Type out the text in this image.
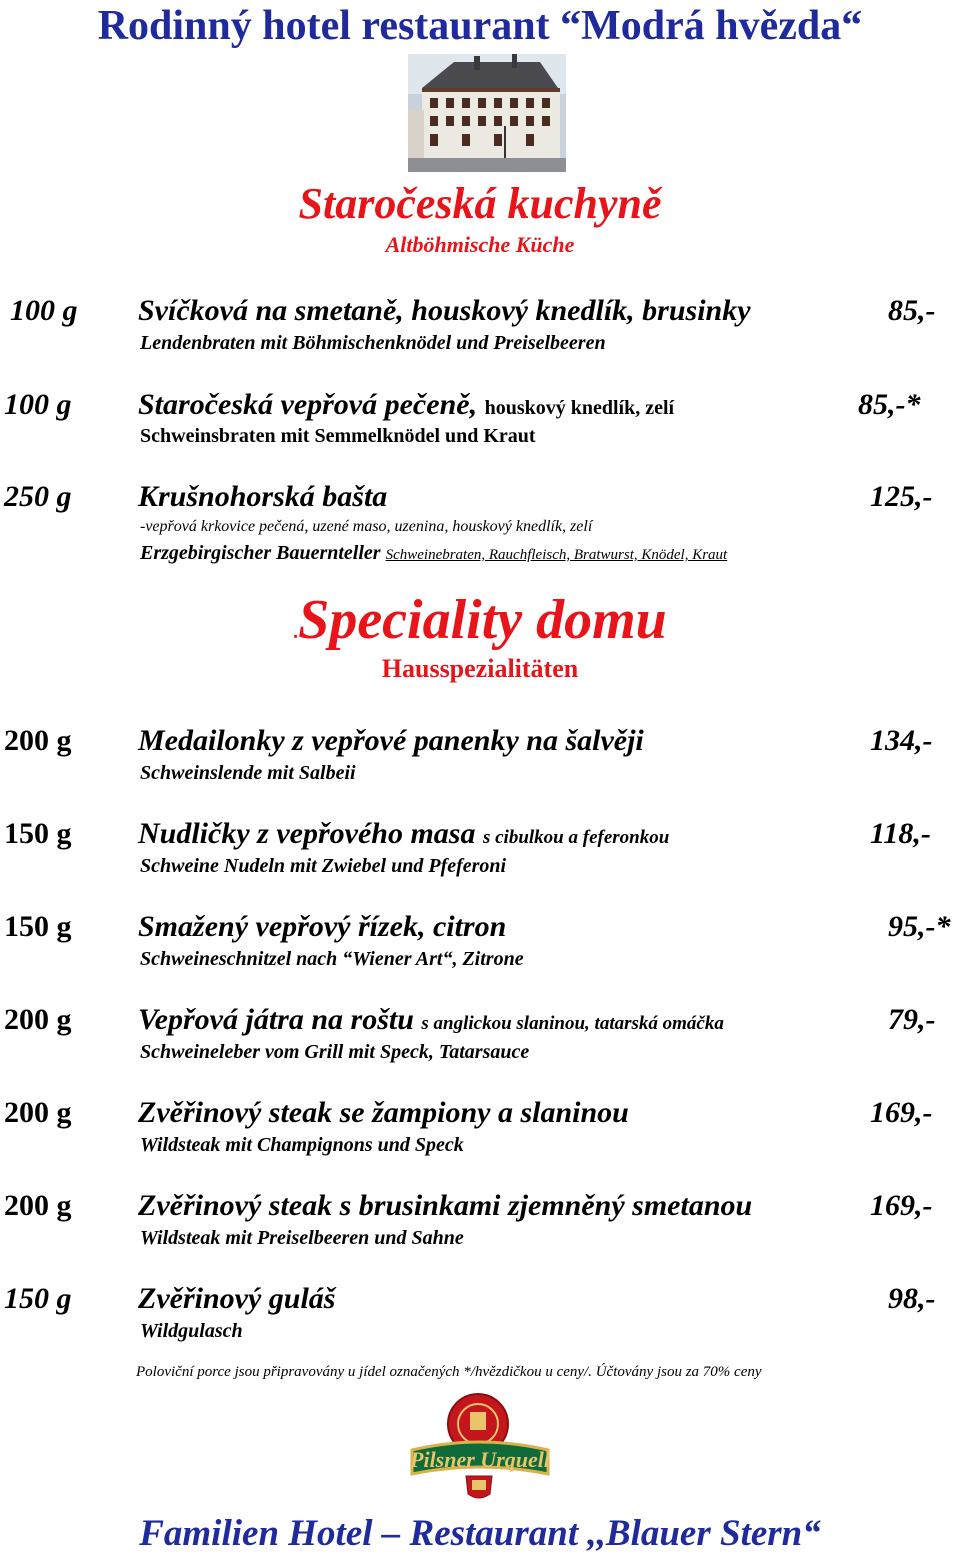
Rodinný hotel restaurant “Modrá hvězda“
Staročeská kuchyně
Altböhmische Küche
100 g Svíčková na smetaně, houskový knedlík, brusinky	85,-
Lendenbraten mit Böhmischenknödel und Preiselbeeren
100 g Staročeská vepřová pečeně, houskový knedlík, zelí	85,-*
Schweinsbraten mit Semmelknödel und Kraut
250 g Krušnohorská bašta	125,-
-vepřová krkovice pečená, uzené maso, uzenina, houskový knedlík, zelí
Erzgebirgischer Bauernteller Schweinebraten, Rauchfleisch, Bratwurst, Knödel, Kraut
.Speciality domu
Hausspezialitäten
200 g Medailonky z vepřové panenky na šalvěji	134,-
Schweinslende mit Salbeii
150 g Nudličky z vepřového masa s cibulkou a feferonkou	118,-
Schweine Nudeln mit Zwiebel und Pfeferoni
150 g Smažený vepřový řízek, citron	95,-*
Schweineschnitzel nach “Wiener Art“, Zitrone
200 g Vepřová játra na roštu s anglickou slaninou, tatarská omáčka	79,-
Schweineleber vom Grill mit Speck, Tatarsauce
200 g Zvěřinový steak se žampiony a slaninou	169,-
Wildsteak mit Champignons und Speck
200 g Zvěřinový steak s brusinkami zjemněný smetanou	169,-
Wildsteak mit Preiselbeeren und Sahne
150 g Zvěřinový guláš	98,-
Wildgulasch
Poloviční porce jsou připravovány u jídel označených */hvězdičkou u ceny/. Účtovány jsou za 70% ceny
Pilsner Urquell
Familien Hotel – Restaurant ,,Blauer Stern“
